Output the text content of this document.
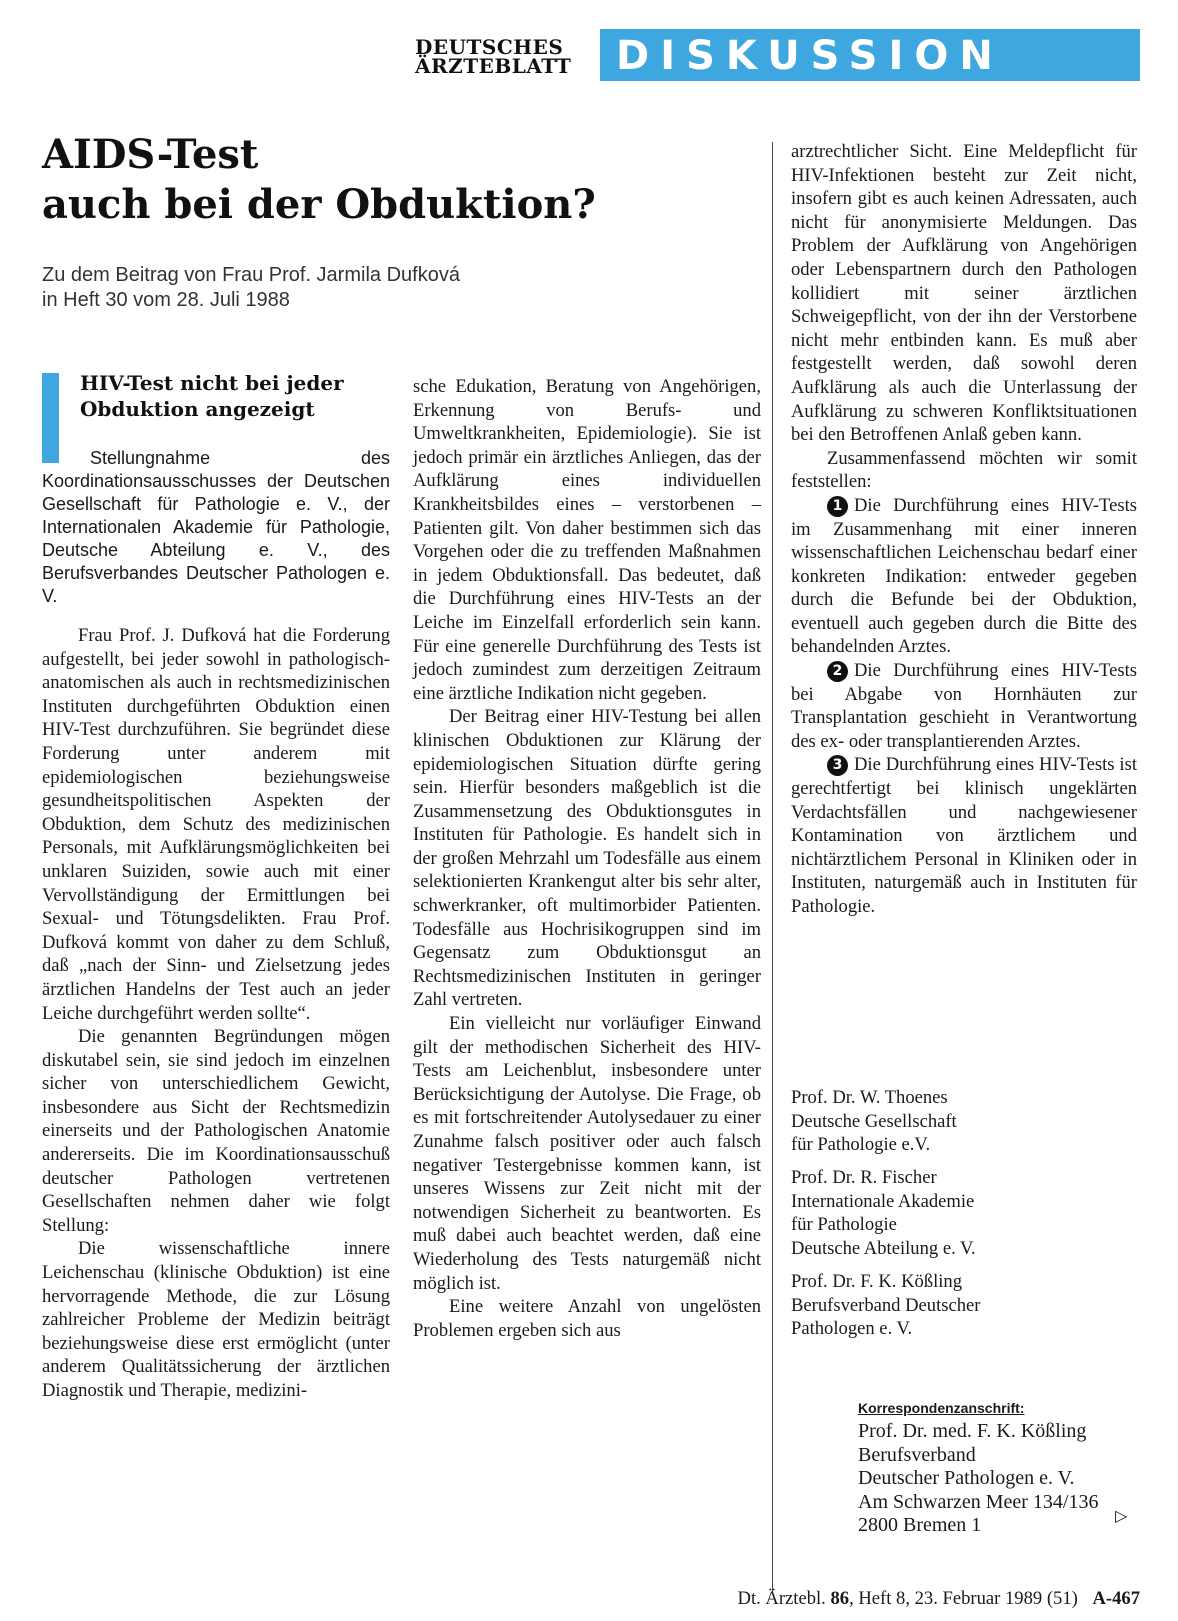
DEUTSCHES
ÄRZTEBLATT	DISKUSSION
AIDS-Test
auch bei der Obduktion?
Zu dem Beitrag von Frau Prof. Jarmila Dufková
in Heft 30 vom 28. Juli 1988
HIV-Test nicht bei jeder Obduktion angezeigt

Stellungnahme des Koordinationsausschusses der Deutschen Gesellschaft für Pathologie e. V., der Internationalen Akademie für Pathologie, Deutsche Abteilung e. V., des Berufsverbandes Deutscher Pathologen e. V.

Frau Prof. J. Dufková hat die Forderung aufgestellt, bei jeder sowohl in pathologisch-anatomischen als auch in rechtsmedizinischen Instituten durchgeführten Obduktion einen HIV-Test durchzuführen. Sie begründet diese Forderung unter anderem mit epidemiologischen beziehungsweise gesundheitspolitischen Aspekten der Obduktion, dem Schutz des medizinischen Personals, mit Aufklärungsmöglichkeiten bei unklaren Suiziden, sowie auch mit einer Vervollständigung der Ermittlungen bei Sexual- und Tötungsdelikten. Frau Prof. Dufková kommt von daher zu dem Schluß, daß „nach der Sinn- und Zielsetzung jedes ärztlichen Handelns der Test auch an jeder Leiche durchgeführt werden sollte“.

Die genannten Begründungen mögen diskutabel sein, sie sind jedoch im einzelnen sicher von unterschiedlichem Gewicht, insbesondere aus Sicht der Rechtsmedizin einerseits und der Pathologischen Anatomie andererseits. Die im Koordinationsausschuß deutscher Pathologen vertretenen Gesellschaften nehmen daher wie folgt Stellung:

Die wissenschaftliche innere Leichenschau (klinische Obduktion) ist eine hervorragende Methode, die zur Lösung zahlreicher Probleme der Medizin beiträgt beziehungsweise diese erst ermöglicht (unter anderem Qualitätssicherung der ärztlichen Diagnostik und Therapie, medizini-

sche Edukation, Beratung von Angehörigen, Erkennung von Berufs- und Umweltkrankheiten, Epidemiologie). Sie ist jedoch primär ein ärztliches Anliegen, das der Aufklärung eines individuellen Krankheitsbildes eines – verstorbenen – Patienten gilt. Von daher bestimmen sich das Vorgehen oder die zu treffenden Maßnahmen in jedem Obduktionsfall. Das bedeutet, daß die Durchführung eines HIV-Tests an der Leiche im Einzelfall erforderlich sein kann. Für eine generelle Durchführung des Tests ist jedoch zumindest zum derzeitigen Zeitraum eine ärztliche Indikation nicht gegeben.

Der Beitrag einer HIV-Testung bei allen klinischen Obduktionen zur Klärung der epidemiologischen Situation dürfte gering sein. Hierfür besonders maßgeblich ist die Zusammensetzung des Obduktionsgutes in Instituten für Pathologie. Es handelt sich in der großen Mehrzahl um Todesfälle aus einem selektionierten Krankengut alter bis sehr alter, schwerkranker, oft multimorbider Patienten. Todesfälle aus Hochrisikogruppen sind im Gegensatz zum Obduktionsgut an Rechtsmedizinischen Instituten in geringer Zahl vertreten.

Ein vielleicht nur vorläufiger Einwand gilt der methodischen Sicherheit des HIV-Tests am Leichenblut, insbesondere unter Berücksichtigung der Autolyse. Die Frage, ob es mit fortschreitender Autolysedauer zu einer Zunahme falsch positiver oder auch falsch negativer Testergebnisse kommen kann, ist unseres Wissens zur Zeit nicht mit der notwendigen Sicherheit zu beantworten. Es muß dabei auch beachtet werden, daß eine Wiederholung des Tests naturgemäß nicht möglich ist.

Eine weitere Anzahl von ungelösten Problemen ergeben sich aus

arztrechtlicher Sicht. Eine Meldepflicht für HIV-Infektionen besteht zur Zeit nicht, insofern gibt es auch keinen Adressaten, auch nicht für anonymisierte Meldungen. Das Problem der Aufklärung von Angehörigen oder Lebenspartnern durch den Pathologen kollidiert mit seiner ärztlichen Schweigepflicht, von der ihn der Verstorbene nicht mehr entbinden kann. Es muß aber festgestellt werden, daß sowohl deren Aufklärung als auch die Unterlassung der Aufklärung zu schweren Konfliktsituationen bei den Betroffenen Anlaß geben kann.

Zusammenfassend möchten wir somit feststellen:

1 Die Durchführung eines HIV-Tests im Zusammenhang mit einer inneren wissenschaftlichen Leichenschau bedarf einer konkreten Indikation: entweder gegeben durch die Befunde bei der Obduktion, eventuell auch gegeben durch die Bitte des behandelnden Arztes.

2 Die Durchführung eines HIV-Tests bei Abgabe von Hornhäuten zur Transplantation geschieht in Verantwortung des ex- oder transplantierenden Arztes.

3 Die Durchführung eines HIV-Tests ist gerechtfertigt bei klinisch ungeklärten Verdachtsfällen und nachgewiesener Kontamination von ärztlichem und nichtärztlichem Personal in Kliniken oder in Instituten, naturgemäß auch in Instituten für Pathologie.

Prof. Dr. W. Thoenes
Deutsche Gesellschaft
für Pathologie e.V.
Prof. Dr. R. Fischer
Internationale Akademie
für Pathologie
Deutsche Abteilung e. V.
Prof. Dr. F. K. Kößling
Berufsverband Deutscher
Pathologen e. V.
Korrespondenzanschrift:
Prof. Dr. med. F. K. Kößling
Berufsverband
Deutscher Pathologen e. V.
Am Schwarzen Meer 134/136
2800 Bremen 1	▷
Dt. Ärztebl. 86, Heft 8, 23. Februar 1989 (51) A-467
